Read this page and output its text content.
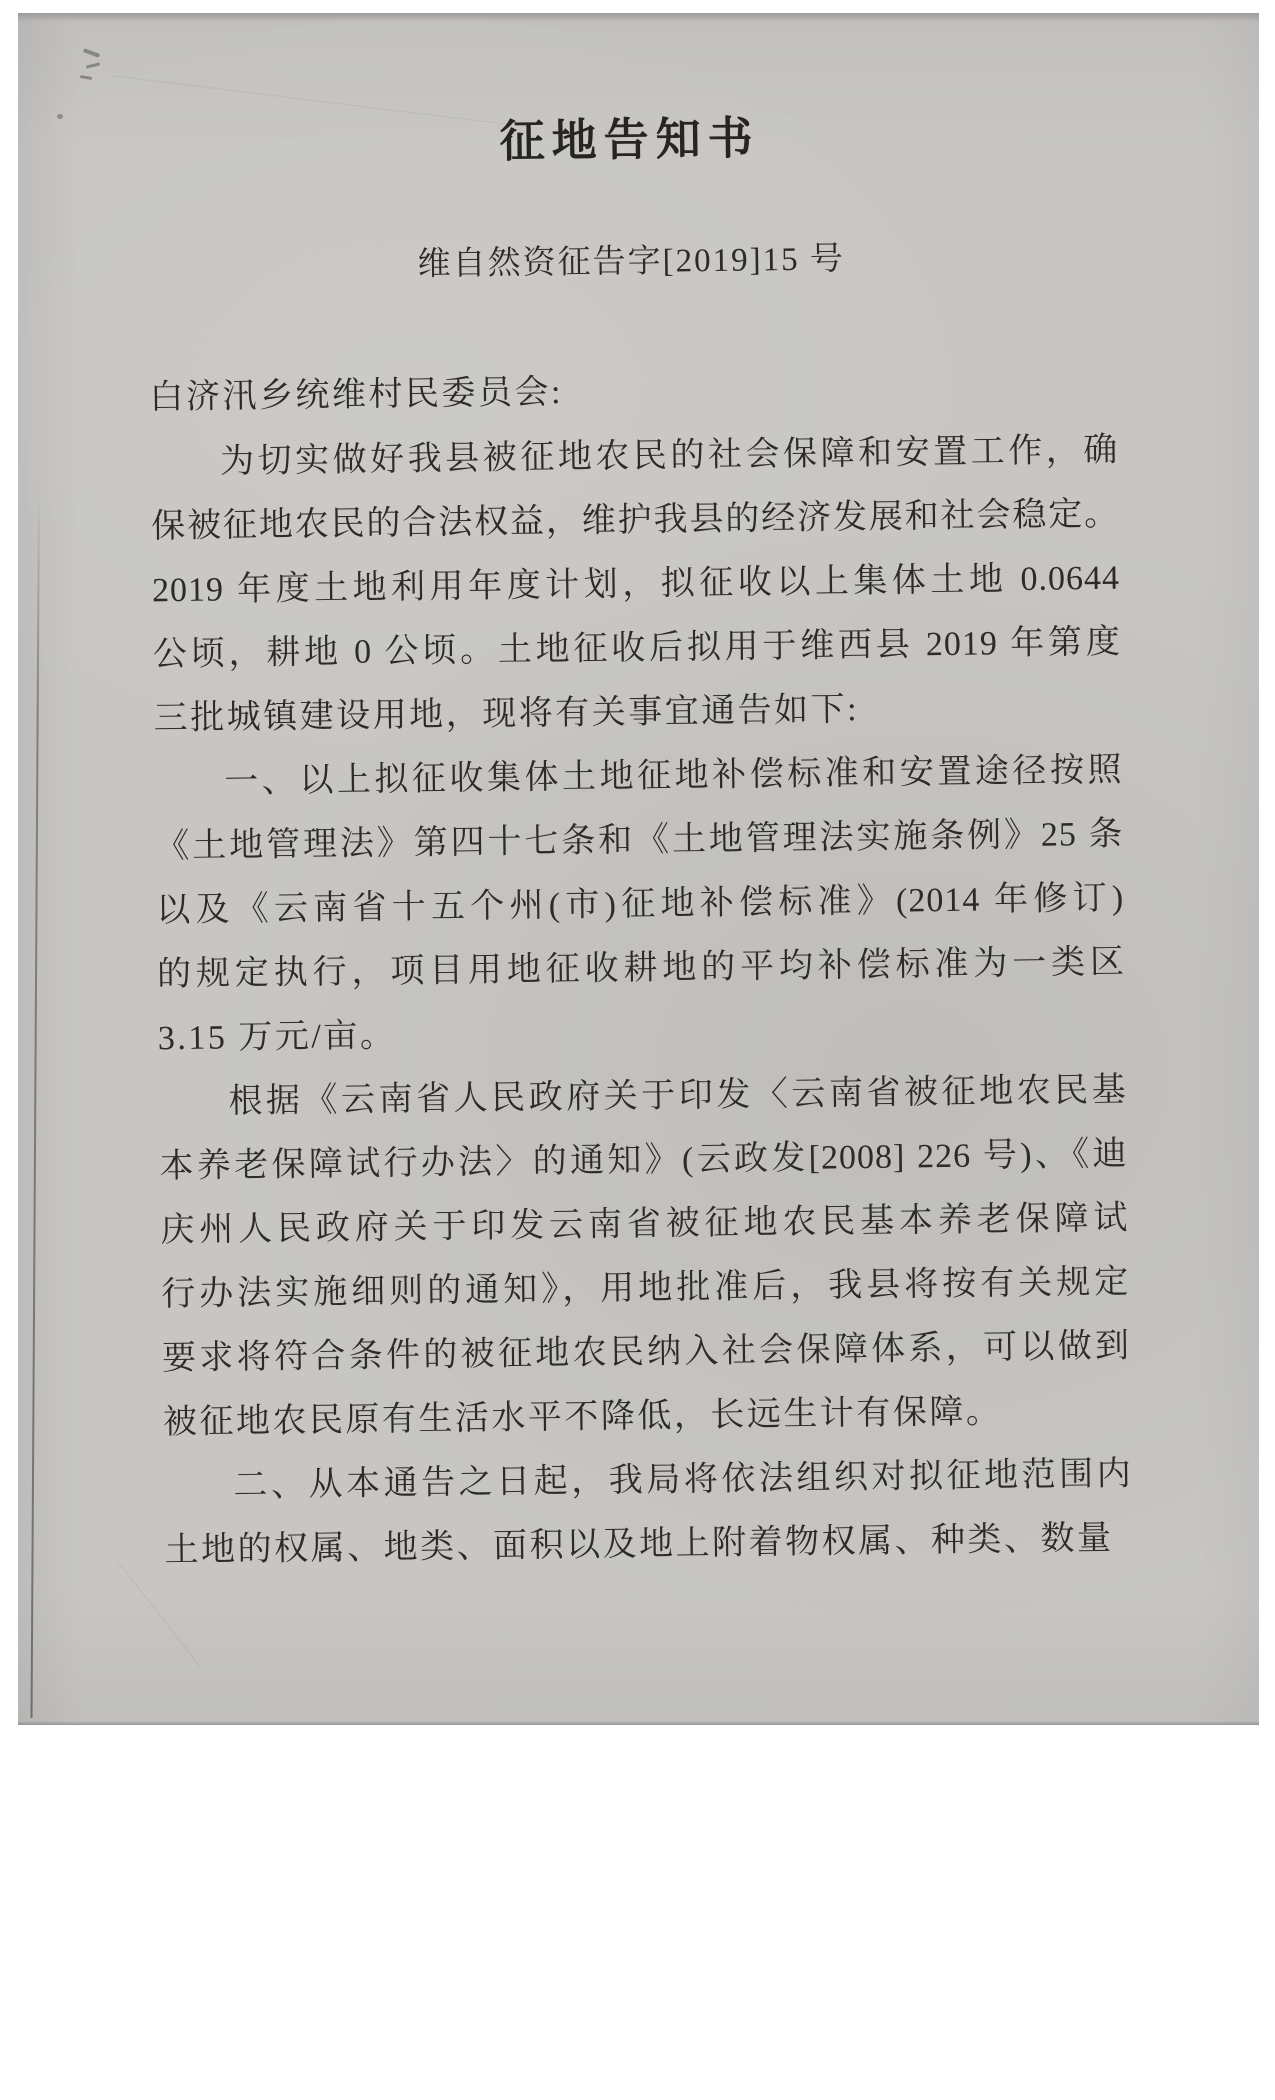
征地告知书
维自然资征告字[2019]15 号
白济汛乡统维村民委员会:
为切实做好我县被征地农民的社会保障和安置工作，确
保被征地农民的合法权益，维护我县的经济发展和社会稳定。
2019 年度土地利用年度计划，拟征收以上集体土地 0.0644
公顷，耕地 0 公顷。土地征收后拟用于维西县 2019 年第度
三批城镇建设用地，现将有关事宜通告如下:
一、以上拟征收集体土地征地补偿标准和安置途径按照
《土地管理法》第四十七条和《土地管理法实施条例》25 条
以及《云南省十五个州(市)征地补偿标准》(2014 年修订)
的规定执行，项目用地征收耕地的平均补偿标准为一类区
3.15 万元/亩。
根据《云南省人民政府关于印发〈云南省被征地农民基
本养老保障试行办法〉的通知》(云政发[2008] 226 号)、《迪
庆州人民政府关于印发云南省被征地农民基本养老保障试
行办法实施细则的通知》，用地批准后，我县将按有关规定
要求将符合条件的被征地农民纳入社会保障体系，可以做到
被征地农民原有生活水平不降低，长远生计有保障。
二、从本通告之日起，我局将依法组织对拟征地范围内
土地的权属、地类、面积以及地上附着物权属、种类、数量
